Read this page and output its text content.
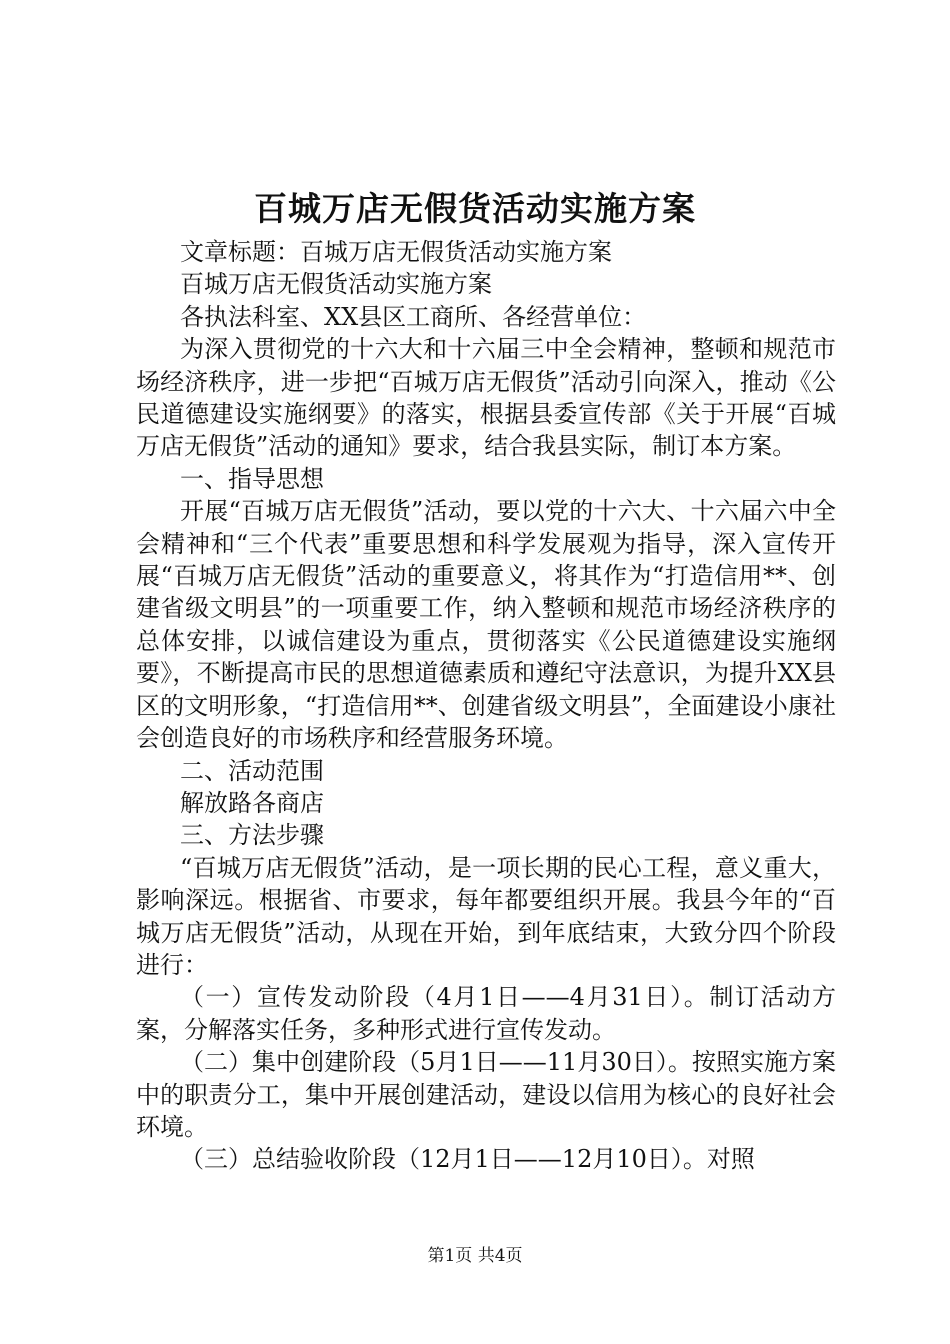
百城万店无假货活动实施方案

文章标题：百城万店无假货活动实施方案

百城万店无假货活动实施方案

各执法科室、XX县区工商所、各经营单位：

为深入贯彻党的十六大和十六届三中全会精神，整顿和规范市场经济秩序，进一步把“百城万店无假货”活动引向深入，推动《公民道德建设实施纲要》的落实，根据县委宣传部《关于开展“百城万店无假货”活动的通知》要求，结合我县实际，制订本方案。

一、指导思想

开展“百城万店无假货”活动，要以党的十六大、十六届六中全会精神和“三个代表”重要思想和科学发展观为指导，深入宣传开展“百城万店无假货”活动的重要意义，将其作为“打造信用**、创建省级文明县”的一项重要工作，纳入整顿和规范市场经济秩序的总体安排，以诚信建设为重点，贯彻落实《公民道德建设实施纲要》，不断提高市民的思想道德素质和遵纪守法意识，为提升XX县区的文明形象，“打造信用**、创建省级文明县”，全面建设小康社会创造良好的市场秩序和经营服务环境。

二、活动范围

解放路各商店

三、方法步骤

“百城万店无假货”活动，是一项长期的民心工程，意义重大，影响深远。根据省、市要求，每年都要组织开展。我县今年的“百城万店无假货”活动，从现在开始，到年底结束，大致分四个阶段进行：

（一）宣传发动阶段（4月1日——4月31日）。制订活动方案，分解落实任务，多种形式进行宣传发动。

（二）集中创建阶段（5月1日——11月30日）。按照实施方案中的职责分工，集中开展创建活动，建设以信用为核心的良好社会环境。

（三）总结验收阶段（12月1日——12月10日）。对照

第1页 共4页
